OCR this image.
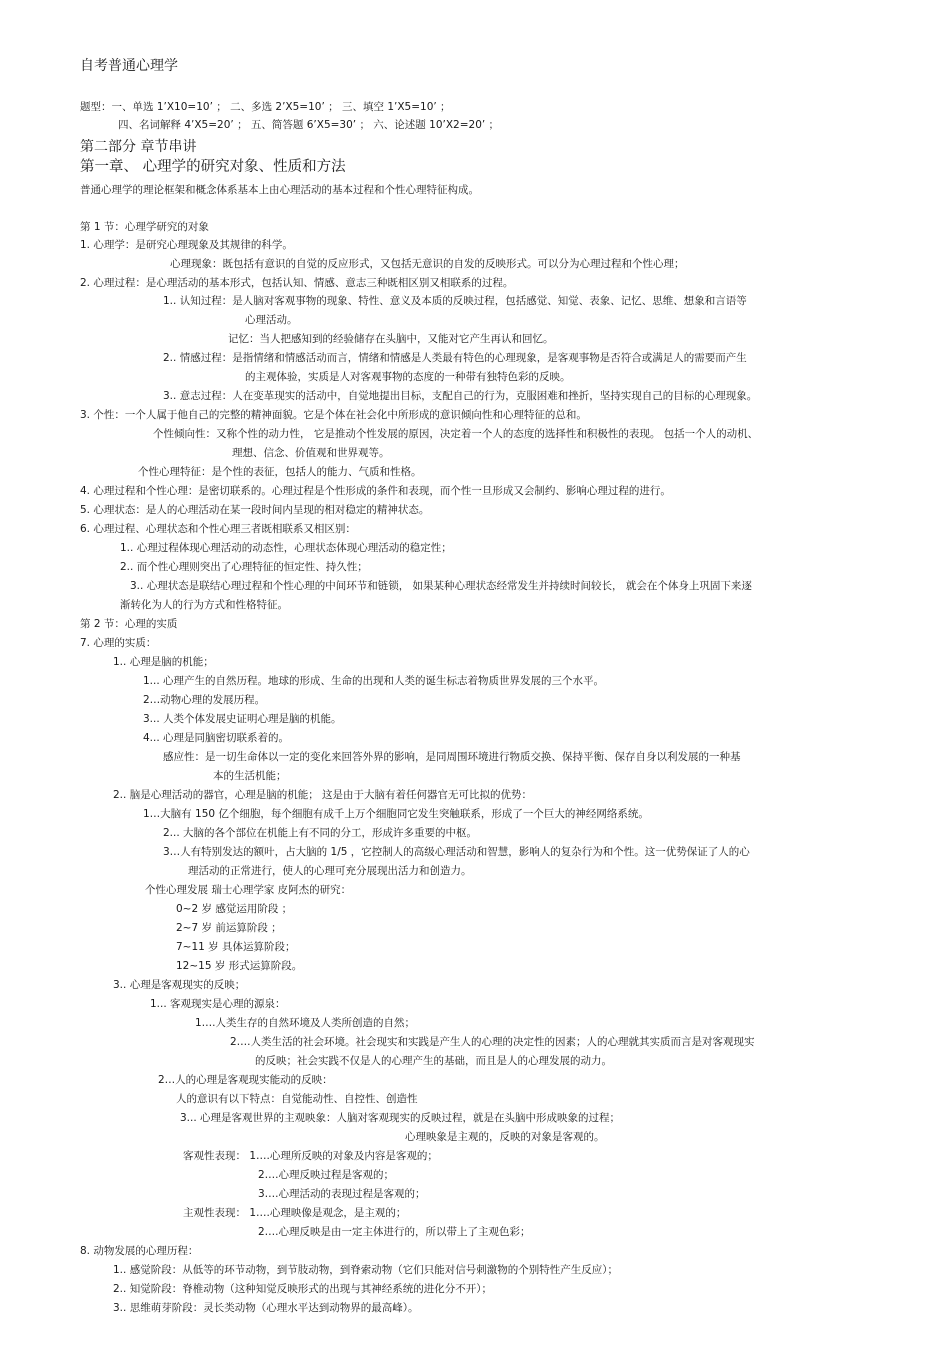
自考普通心理学
题型：一、单选 1’X10=10’ ； 二、多选 2’X5=10’ ； 三、填空 1’X5=10’ ；
四、名词解释 4’X5=20’ ； 五、简答题 6’X5=30’ ； 六、论述题 10’X2=20’ ；
第二部分 章节串讲
第一章、 心理学的研究对象、性质和方法
普通心理学的理论框架和概念体系基本上由心理活动的基本过程和个性心理特征构成。
第 1 节：心理学研究的对象
1. 心理学：是研究心理现象及其规律的科学。
心理现象：既包括有意识的自觉的反应形式，又包括无意识的自发的反映形式。可以分为心理过程和个性心理；
2. 心理过程：是心理活动的基本形式，包括认知、情感、意志三种既相区别又相联系的过程。
1.. 认知过程：是人脑对客观事物的现象、特性、意义及本质的反映过程，包括感觉、知觉、表象、记忆、思维、想象和言语等
心理活动。
记忆：当人把感知到的经验储存在头脑中，又能对它产生再认和回忆。
2.. 情感过程：是指情绪和情感活动而言，情绪和情感是人类最有特色的心理现象，是客观事物是否符合或满足人的需要而产生
的主观体验，实质是人对客观事物的态度的一种带有独特色彩的反映。
3.. 意志过程：人在变革现实的活动中，自觉地提出目标，支配自己的行为，克服困难和挫折，坚持实现自己的目标的心理现象。
3. 个性：一个人属于他自己的完整的精神面貌。它是个体在社会化中所形成的意识倾向性和心理特征的总和。
个性倾向性：又称个性的动力性， 它是推动个性发展的原因，决定着一个人的态度的选择性和积极性的表现。 包括一个人的动机、
理想、信念、价值观和世界观等。
个性心理特征：是个性的表征，包括人的能力、气质和性格。
4. 心理过程和个性心理：是密切联系的。心理过程是个性形成的条件和表现，而个性一旦形成又会制约、影响心理过程的进行。
5. 心理状态：是人的心理活动在某一段时间内呈现的相对稳定的精神状态。
6. 心理过程、心理状态和个性心理三者既相联系又相区别：
1.. 心理过程体现心理活动的动态性，心理状态体现心理活动的稳定性；
2.. 而个性心理则突出了心理特征的恒定性、持久性；
3.. 心理状态是联结心理过程和个性心理的中间环节和链锁， 如果某种心理状态经常发生并持续时间较长， 就会在个体身上巩固下来逐
渐转化为人的行为方式和性格特征。
第 2 节：心理的实质
7. 心理的实质：
1.. 心理是脑的机能；
1... 心理产生的自然历程。地球的形成、生命的出现和人类的诞生标志着物质世界发展的三个水平。
2…动物心理的发展历程。
3... 人类个体发展史证明心理是脑的机能。
4... 心理是同脑密切联系着的。
感应性：是一切生命体以一定的变化来回答外界的影响，是同周围环境进行物质交换、保持平衡、保存自身以利发展的一种基
本的生活机能；
2.. 脑是心理活动的器官，心理是脑的机能； 这是由于大脑有着任何器官无可比拟的优势：
1…大脑有 150 亿个细胞，每个细胞有成千上万个细胞同它发生突触联系，形成了一个巨大的神经网络系统。
2... 大脑的各个部位在机能上有不同的分工，形成许多重要的中枢。
3…人有特别发达的额叶，占大脑的 1/5 ，它控制人的高级心理活动和智慧，影响人的复杂行为和个性。这一优势保证了人的心
理活动的正常进行，使人的心理可充分展现出活力和创造力。
个性心理发展 瑞士心理学家 皮阿杰的研究：
0~2 岁 感觉运用阶段 ；
2~7 岁 前运算阶段 ；
7~11 岁 具体运算阶段；
12~15 岁 形式运算阶段。
3.. 心理是客观现实的反映；
1... 客观现实是心理的源泉：
1….人类生存的自然环境及人类所创造的自然；
2….人类生活的社会环境。社会现实和实践是产生人的心理的决定性的因素；人的心理就其实质而言是对客观现实
的反映；社会实践不仅是人的心理产生的基础，而且是人的心理发展的动力。
2…人的心理是客观现实能动的反映：
人的意识有以下特点：自觉能动性、自控性、创造性
3... 心理是客观世界的主观映象：人脑对客观现实的反映过程，就是在头脑中形成映象的过程；
心理映象是主观的，反映的对象是客观的。
客观性表现： 1….心理所反映的对象及内容是客观的；
2….心理反映过程是客观的；
3….心理活动的表现过程是客观的；
主观性表现： 1….心理映像是观念，是主观的；
2….心理反映是由一定主体进行的，所以带上了主观色彩；
8. 动物发展的心理历程：
1.. 感觉阶段：从低等的环节动物，到节肢动物，到脊索动物（它们只能对信号刺激物的个别特性产生反应）；
2.. 知觉阶段：脊椎动物（这种知觉反映形式的出现与其神经系统的进化分不开）；
3.. 思维萌芽阶段：灵长类动物（心理水平达到动物界的最高峰）。
